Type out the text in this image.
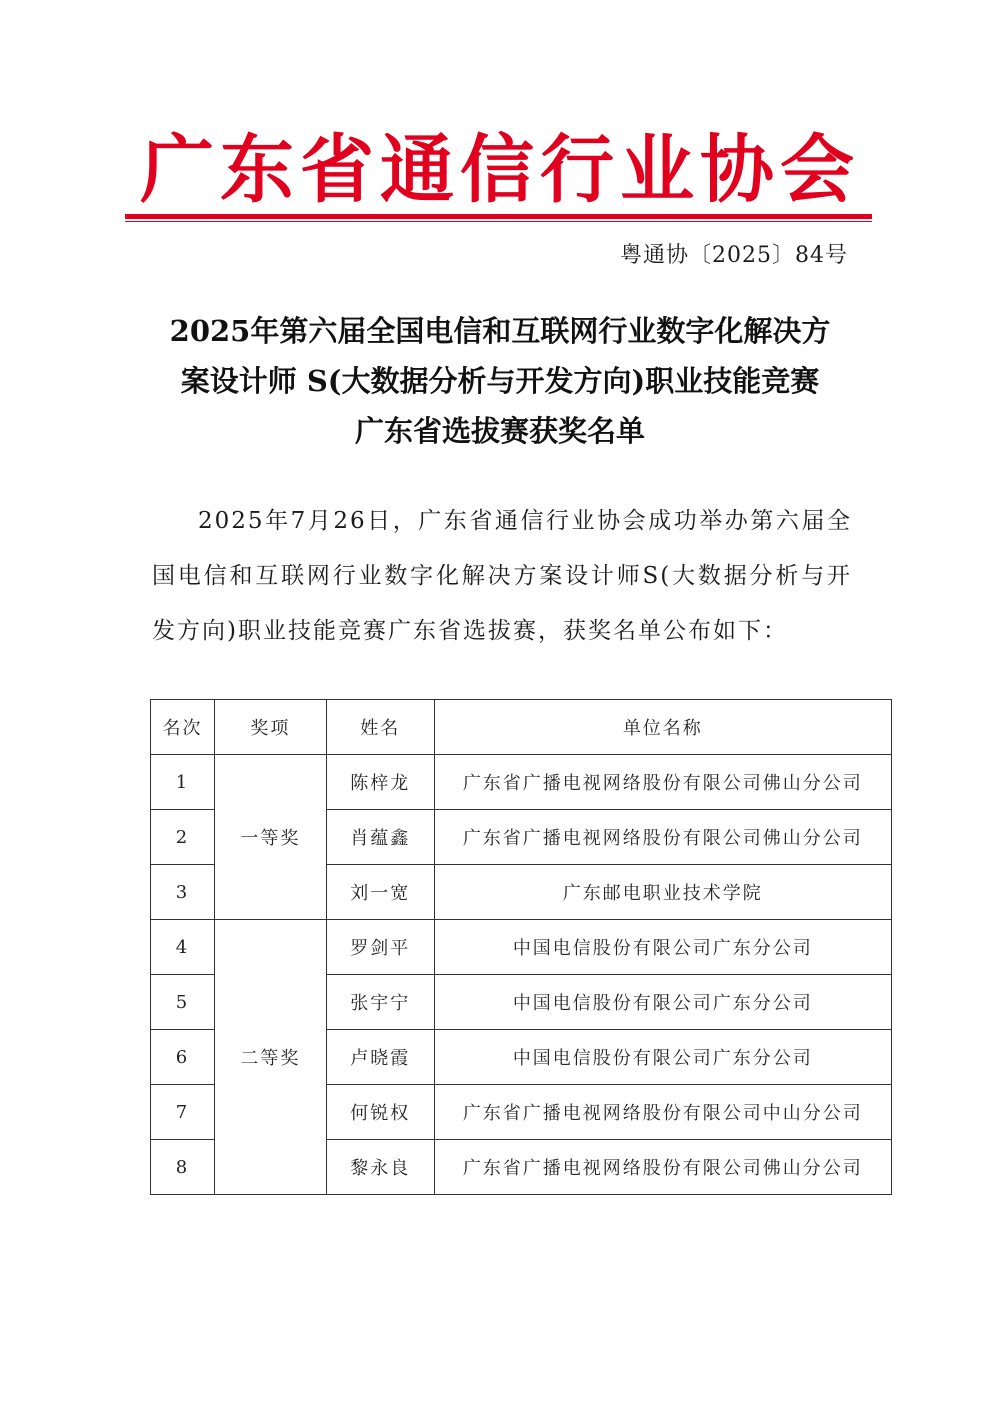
广东省通信行业协会
粤通协〔2025〕84号
2025年第六届全国电信和互联网行业数字化解决方
案设计师 S(大数据分析与开发方向)职业技能竞赛
广东省选拔赛获奖名单
2025年7月26日，广东省通信行业协会成功举办第六届全国电信和互联网行业数字化解决方案设计师S(大数据分析与开发方向)职业技能竞赛广东省选拔赛，获奖名单公布如下：
名次	奖项	姓名	单位名称
1	一等奖	陈梓龙	广东省广播电视网络股份有限公司佛山分公司
2		肖蕴鑫	广东省广播电视网络股份有限公司佛山分公司
3		刘一宽	广东邮电职业技术学院
4	二等奖	罗剑平	中国电信股份有限公司广东分公司
5		张宇宁	中国电信股份有限公司广东分公司
6		卢晓霞	中国电信股份有限公司广东分公司
7		何锐权	广东省广播电视网络股份有限公司中山分公司
8		黎永良	广东省广播电视网络股份有限公司佛山分公司
